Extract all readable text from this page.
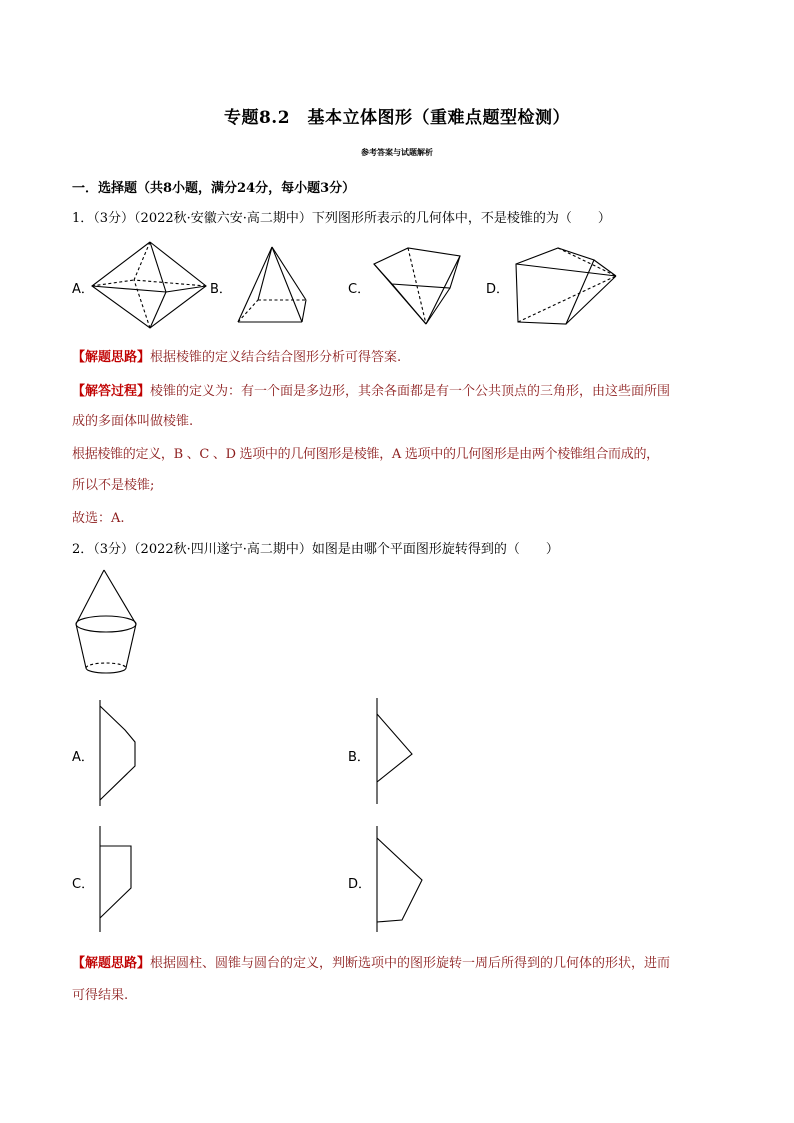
专题8.2　基本立体图形（重难点题型检测）
参考答案与试题解析
一．选择题（共8小题，满分24分，每小题3分）
1．（3分）（2022秋·安徽六安·高二期中）下列图形所表示的几何体中，不是棱锥的为（　　）
A．	B．	C．	D．
【解题思路】根据棱锥的定义结合结合图形分析可得答案.
【解答过程】棱锥的定义为：有一个面是多边形，其余各面都是有一个公共顶点的三角形，由这些面所围
成的多面体叫做棱锥.
根据棱锥的定义，B 、C 、D 选项中的几何图形是棱锥，A 选项中的几何图形是由两个棱锥组合而成的，
所以不是棱锥;
故选：A.
2．（3分）（2022秋·四川遂宁·高二期中）如图是由哪个平面图形旋转得到的（　　）
A．	B．
C．	D．
【解题思路】根据圆柱、圆锥与圆台的定义，判断选项中的图形旋转一周后所得到的几何体的形状，进而
可得结果.
